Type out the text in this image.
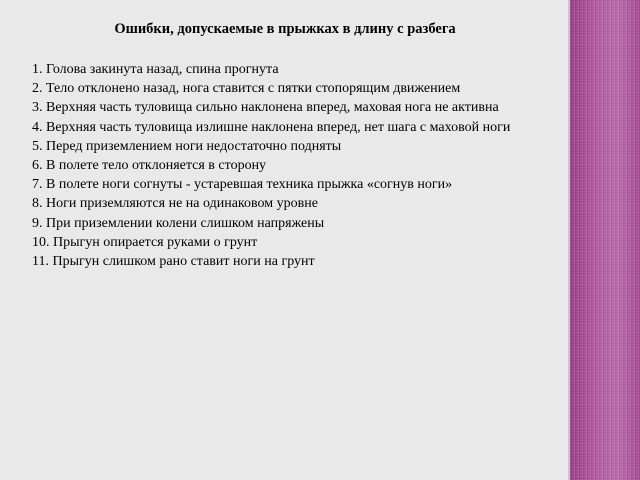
Ошибки, допускаемые в прыжках в длину с разбега
1. Голова закинута назад, спина прогнута
2. Тело отклонено назад, нога ставится с пятки стопорящим движением
3. Верхняя часть туловища сильно наклонена вперед, маховая нога не активна
4. Верхняя часть туловища излишне наклонена вперед, нет шага с маховой ноги
5. Перед приземлением ноги недостаточно подняты
6. В полете тело отклоняется в сторону
7. В полете ноги согнуты - устаревшая техника прыжка «согнув ноги»
8. Ноги приземляются не на одинаковом уровне
9. При приземлении колени слишком напряжены
10. Прыгун опирается руками о грунт
11. Прыгун слишком рано ставит ноги на грунт
